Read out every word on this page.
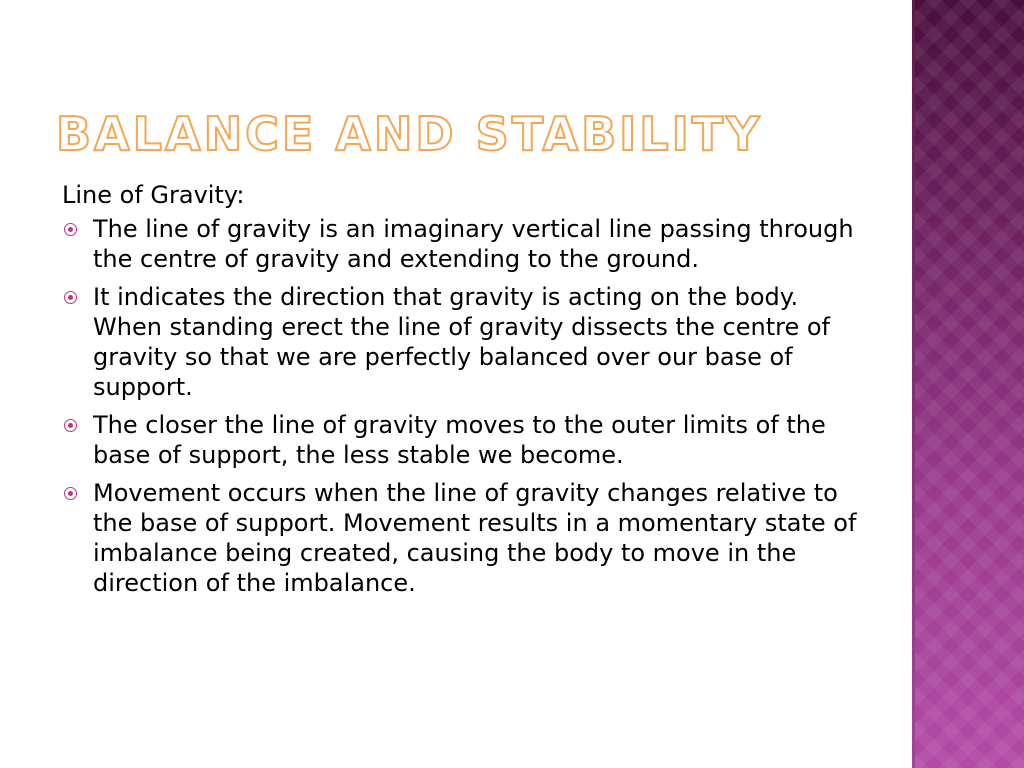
BALANCE AND STABILITY

Line of Gravity:

The line of gravity is an imaginary vertical line passing through the centre of gravity and extending to the ground.
It indicates the direction that gravity is acting on the body. When standing erect the line of gravity dissects the centre of gravity so that we are perfectly balanced over our base of support.
The closer the line of gravity moves to the outer limits of the base of support, the less stable we become.
Movement occurs when the line of gravity changes relative to the base of support. Movement results in a momentary state of imbalance being created, causing the body to move in the direction of the imbalance.
